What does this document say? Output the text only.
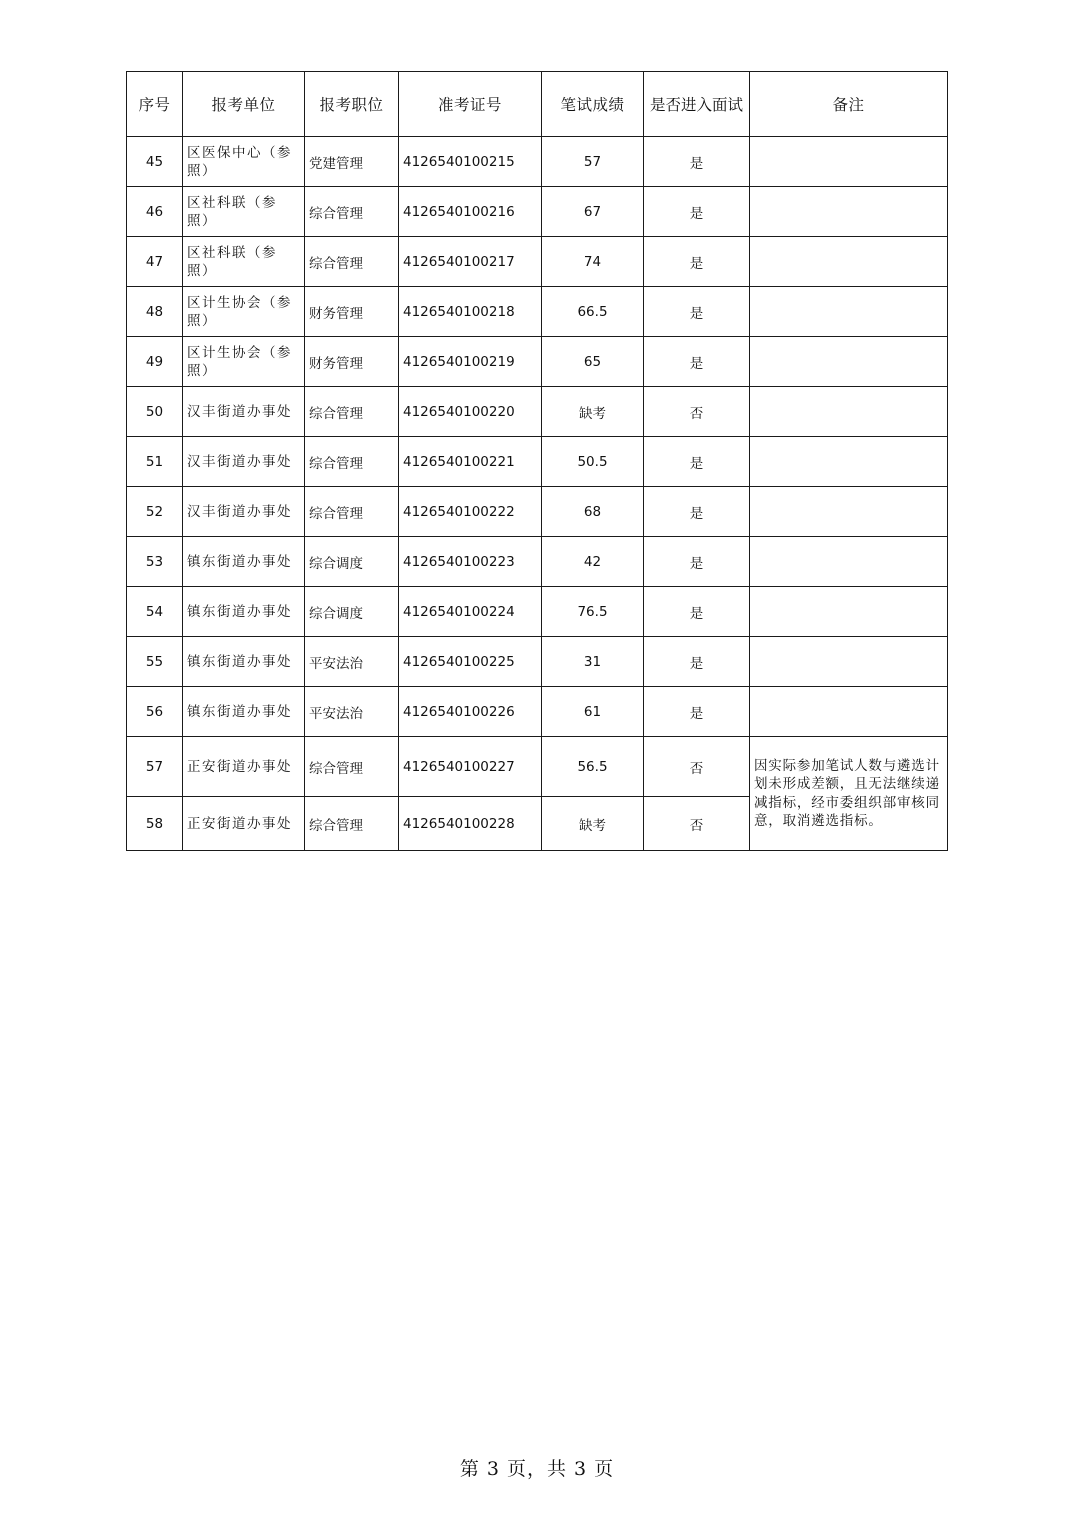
序号	报考单位	报考职位	准考证号	笔试成绩	是否进入面试	备注
45	区医保中心（参照）	党建管理	4126540100215	57	是	
46	区社科联（参照）	综合管理	4126540100216	67	是	
47	区社科联（参照）	综合管理	4126540100217	74	是	
48	区计生协会（参照）	财务管理	4126540100218	66.5	是	
49	区计生协会（参照）	财务管理	4126540100219	65	是	
50	汉丰街道办事处	综合管理	4126540100220	缺考	否	
51	汉丰街道办事处	综合管理	4126540100221	50.5	是	
52	汉丰街道办事处	综合管理	4126540100222	68	是	
53	镇东街道办事处	综合调度	4126540100223	42	是	
54	镇东街道办事处	综合调度	4126540100224	76.5	是	
55	镇东街道办事处	平安法治	4126540100225	31	是	
56	镇东街道办事处	平安法治	4126540100226	61	是	
57	正安街道办事处	综合管理	4126540100227	56.5	否	因实际参加笔试人数与遴选计划未形成差额，且无法继续递减指标，经市委组织部审核同意，取消遴选指标。
58	正安街道办事处	综合管理	4126540100228	缺考	否	
第 3 页，共 3 页
